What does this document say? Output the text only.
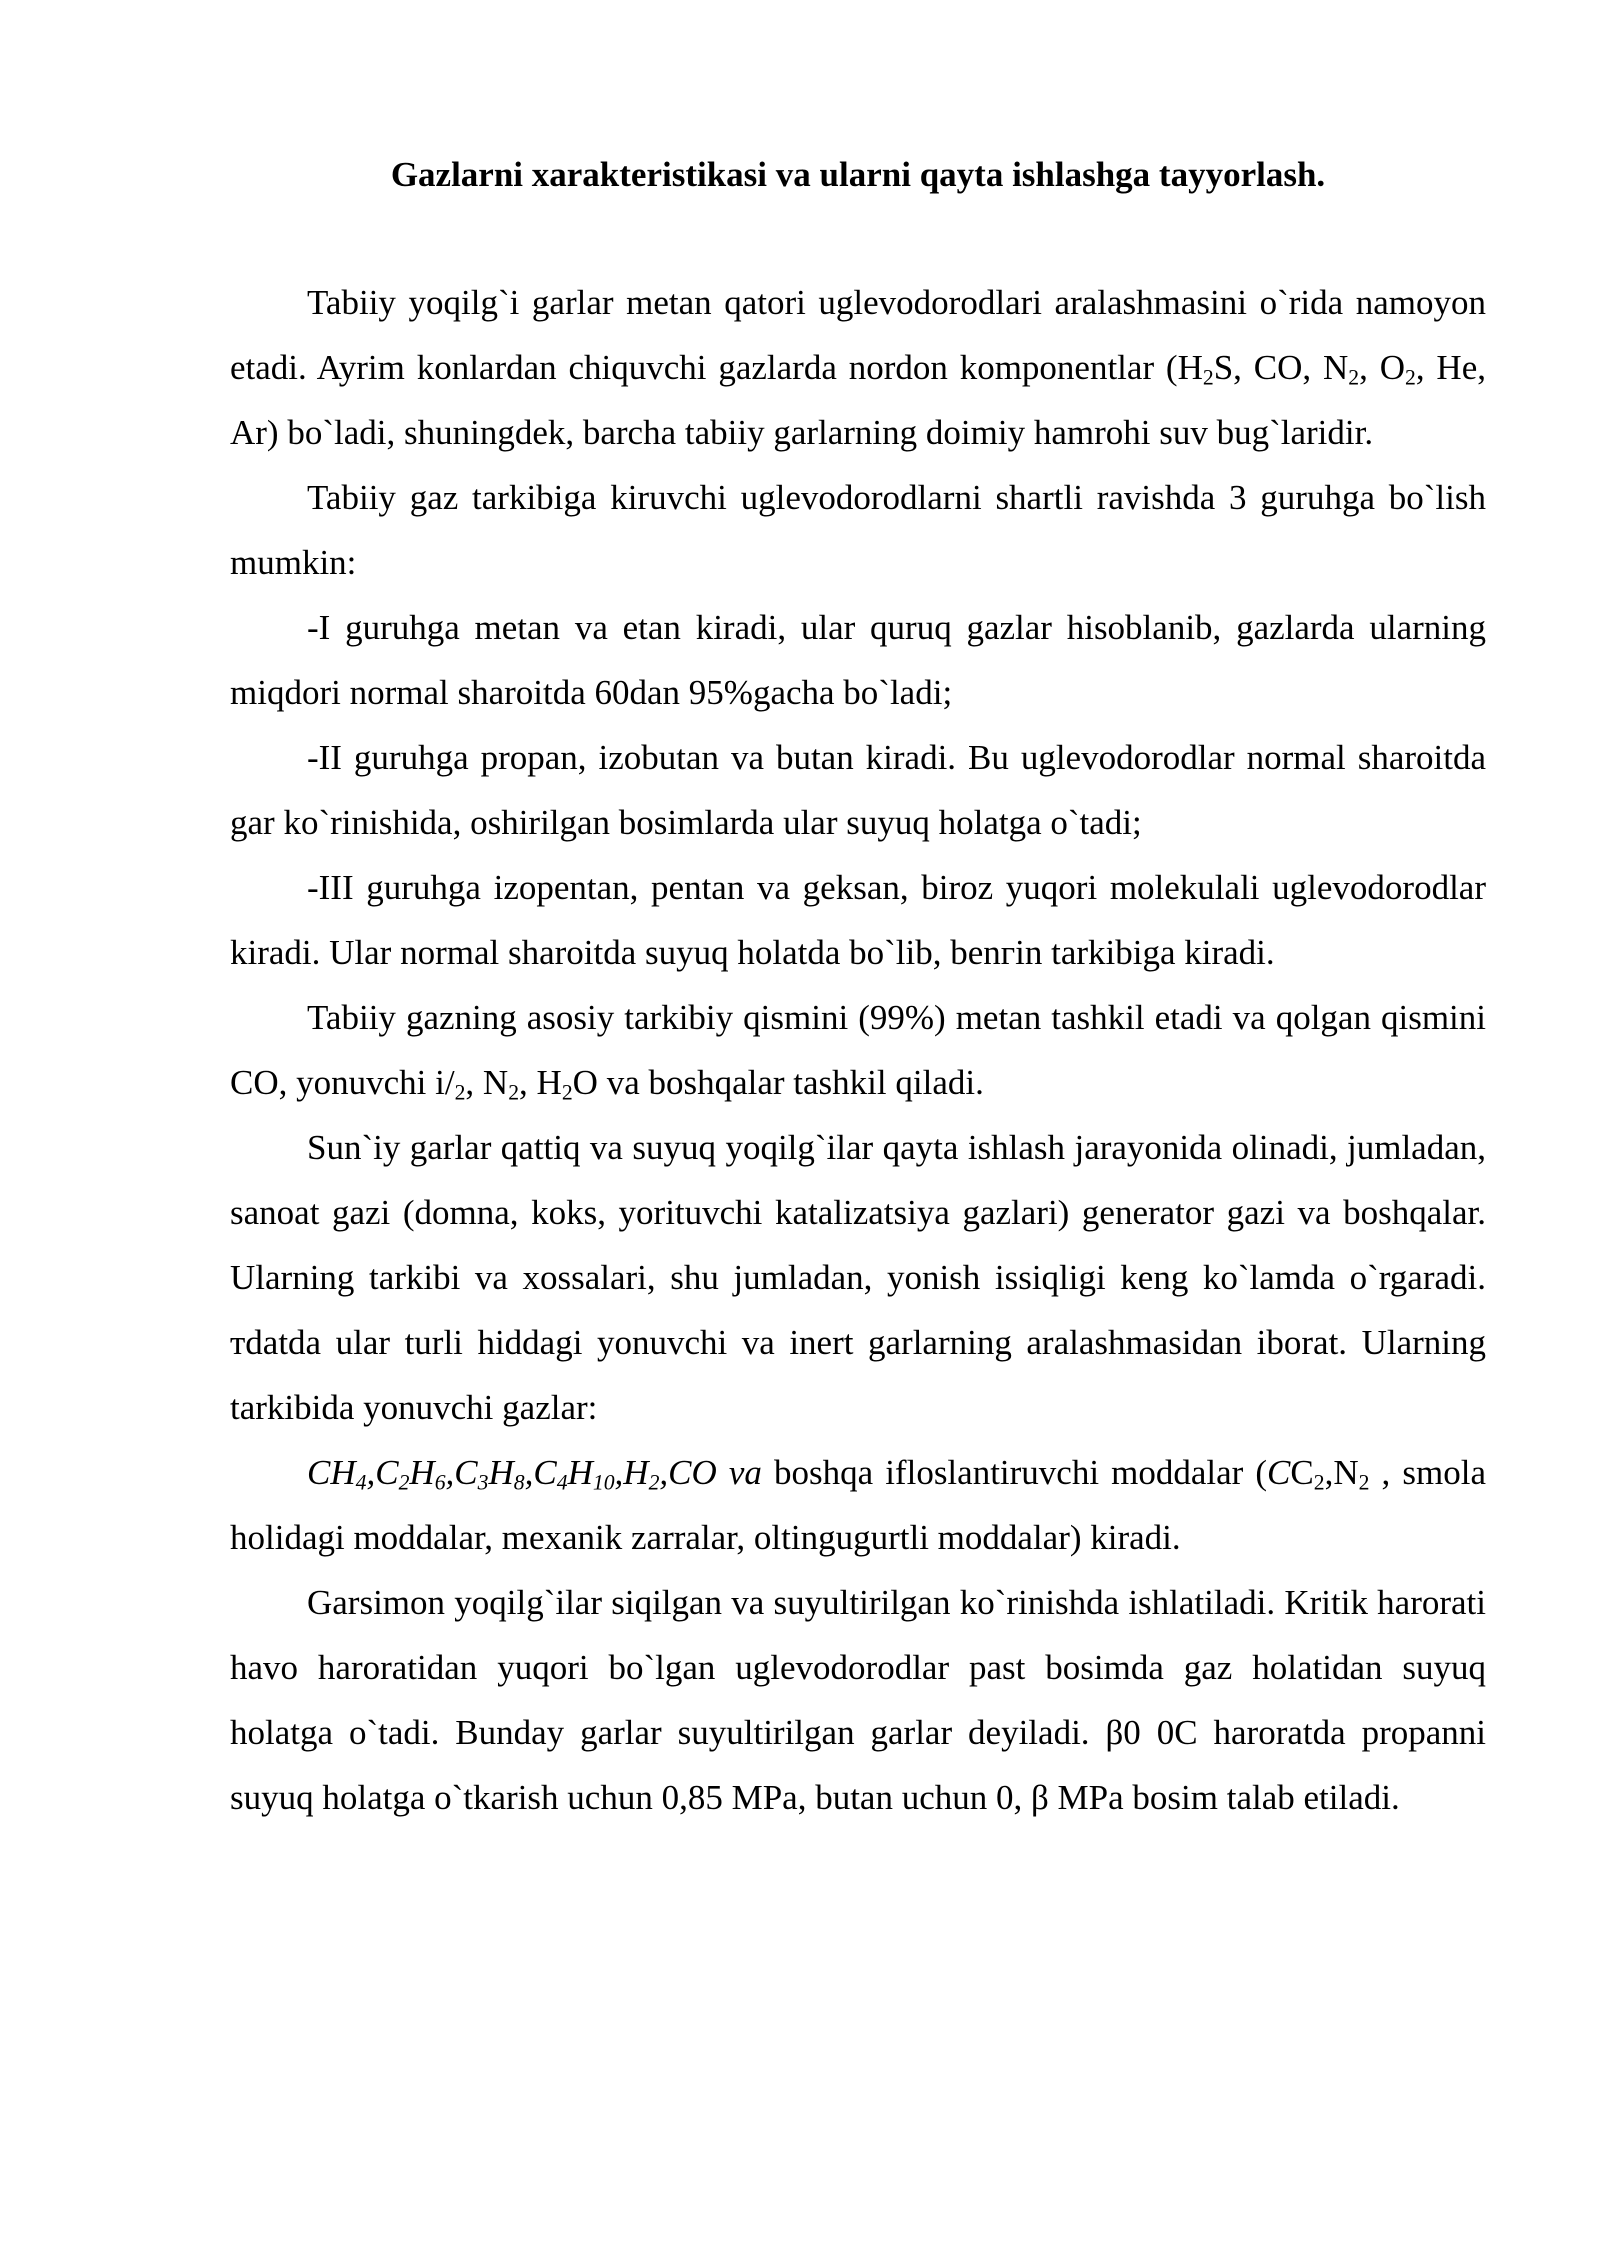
Gazlarni xarakteristikasi va ularni qayta ishlashga tayyorlash.

Tabiiy yoqilg`i garlar metan qatori uglevodorodlari aralashmasini o`rida namoyon etadi. Ayrim konlardan chiquvchi gazlarda nordon komponentlar ($H_2S$, CO, $N_2$, $O_2$, He, Ar) bo`ladi, shuningdek, barcha tabiiy garlarning doimiy hamrohi suv bug`laridir.

Tabiiy gaz tarkibiga kiruvchi uglevodorodlarni shartli ravishda 3 guruhga bo`lish mumkin:

-I guruhga metan va etan kiradi, ular quruq gazlar hisoblanib, gazlarda ularning miqdori normal sharoitda 60dan 95%gacha bo`ladi;

-II guruhga propan, izobutan va butan kiradi. Bu uglevodorodlar normal sharoitda gar ko`rinishida, oshirilgan bosimlarda ular suyuq holatga o`tadi;

-III guruhga izopentan, pentan va geksan, biroz yuqori molekulali uglevodorodlar kiradi. Ular normal sharoitda suyuq holatda bo`lib, benгin tarkibiga kiradi.

Tabiiy gazning asosiy tarkibiy qismini (99%) metan tashkil etadi va qolgan qismini CO, yonuvchi $i/_2$, $N_2$, $H_2O$ va boshqalar tashkil qiladi.

Sun`iy garlar qattiq va suyuq yoqilg`ilar qayta ishlash jarayonida olinadi, jumladan, sanoat gazi (domna, koks, yorituvchi katalizatsiya gazlari) generator gazi va boshqalar. Ularning tarkibi va xossalari, shu jumladan, yonish issiqligi keng ko`lamda o`rgaradi. тdatda ular turli hiddagi yonuvchi va inert garlarning aralashmasidan iborat. Ularning tarkibida yonuvchi gazlar:

$CH_4,C_2H_6,C_3H_8,C_4H_{10},H_2,CO$ va boshqa ifloslantiruvchi moddalar ($CC_2,N_2$ , smola holidagi moddalar, mexanik zarralar, oltingugurtli moddalar) kiradi.

Garsimon yoqilg`ilar siqilgan va suyultirilgan ko`rinishda ishlatiladi. Kritik harorati havo haroratidan yuqori bo`lgan uglevodorodlar past bosimda gaz holatidan suyuq holatga o`tadi. Bunday garlar suyultirilgan garlar deyiladi. β0 0C haroratda propanni suyuq holatga o`tkarish uchun 0,85 MPa, butan uchun 0, β MPa bosim talab etiladi.
